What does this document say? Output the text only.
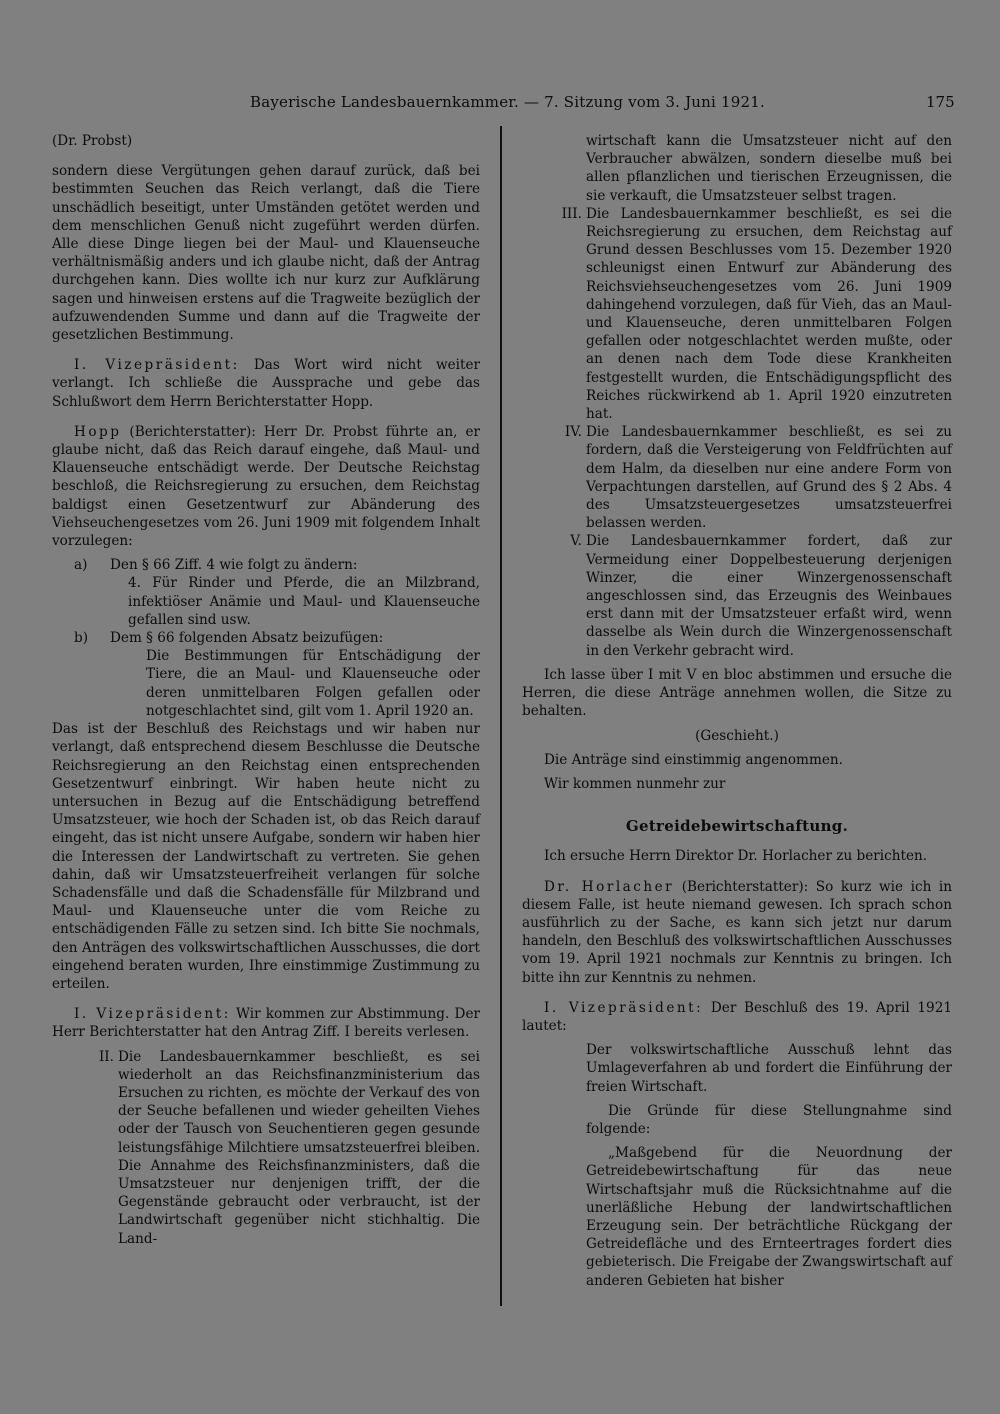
Bayerische Landesbauernkammer. — 7. Sitzung vom 3. Juni 1921.	175

(Dr. Probst)

sondern diese Vergütungen gehen darauf zurück, daß bei bestimmten Seuchen das Reich verlangt, daß die Tiere unschädlich beseitigt, unter Umständen getötet werden und dem menschlichen Genuß nicht zugeführt werden dürfen. Alle diese Dinge liegen bei der Maul- und Klauenseuche verhältnismäßig anders und ich glaube nicht, daß der Antrag durchgehen kann. Dies wollte ich nur kurz zur Aufklärung sagen und hinweisen erstens auf die Tragweite bezüglich der aufzuwendenden Summe und dann auf die Tragweite der gesetzlichen Bestimmung.

I. Vizepräsident: Das Wort wird nicht weiter verlangt. Ich schließe die Aussprache und gebe das Schlußwort dem Herrn Berichterstatter Hopp.

Hopp (Berichterstatter): Herr Dr. Probst führte an, er glaube nicht, daß das Reich darauf eingehe, daß Maul- und Klauenseuche entschädigt werde. Der Deutsche Reichstag beschloß, die Reichsregierung zu ersuchen, dem Reichstag baldigst einen Gesetzentwurf zur Abänderung des Viehseuchengesetzes vom 26. Juni 1909 mit folgendem Inhalt vorzulegen:

a) Den § 66 Ziff. 4 wie folgt zu ändern:

4. Für Rinder und Pferde, die an Milzbrand, infektiöser Anämie und Maul- und Klauenseuche gefallen sind usw.

b) Dem § 66 folgenden Absatz beizufügen:

Die Bestimmungen für Entschädigung der Tiere, die an Maul- und Klauenseuche oder deren unmittelbaren Folgen gefallen oder notgeschlachtet sind, gilt vom 1. April 1920 an.

Das ist der Beschluß des Reichstags und wir haben nur verlangt, daß entsprechend diesem Beschlusse die Deutsche Reichsregierung an den Reichstag einen entsprechenden Gesetzentwurf einbringt. Wir haben heute nicht zu untersuchen in Bezug auf die Entschädigung betreffend Umsatzsteuer, wie hoch der Schaden ist, ob das Reich darauf eingeht, das ist nicht unsere Aufgabe, sondern wir haben hier die Interessen der Landwirtschaft zu vertreten. Sie gehen dahin, daß wir Umsatzsteuerfreiheit verlangen für solche Schadensfälle und daß die Schadensfälle für Milzbrand und Maul- und Klauenseuche unter die vom Reiche zu entschädigenden Fälle zu setzen sind. Ich bitte Sie nochmals, den Anträgen des volkswirtschaftlichen Ausschusses, die dort eingehend beraten wurden, Ihre einstimmige Zustimmung zu erteilen.

I. Vizepräsident: Wir kommen zur Abstimmung. Der Herr Berichterstatter hat den Antrag Ziff. I bereits verlesen.

II. Die Landesbauernkammer beschließt, es sei wiederholt an das Reichsfinanzministerium das Ersuchen zu richten, es möchte der Verkauf des von der Seuche befallenen und wieder geheilten Viehes oder der Tausch von Seuchentieren gegen gesunde leistungsfähige Milchtiere umsatzsteuerfrei bleiben.

Die Annahme des Reichsfinanzministers, daß die Umsatzsteuer nur denjenigen trifft, der die Gegenstände gebraucht oder verbraucht, ist der Landwirtschaft gegenüber nicht stichhaltig. Die Land-

wirtschaft kann die Umsatzsteuer nicht auf den Verbraucher abwälzen, sondern dieselbe muß bei allen pflanzlichen und tierischen Erzeugnissen, die sie verkauft, die Umsatzsteuer selbst tragen.

III. Die Landesbauernkammer beschließt, es sei die Reichsregierung zu ersuchen, dem Reichstag auf Grund dessen Beschlusses vom 15. Dezember 1920 schleunigst einen Entwurf zur Abänderung des Reichsviehseuchengesetzes vom 26. Juni 1909 dahingehend vorzulegen, daß für Vieh, das an Maul- und Klauenseuche, deren unmittelbaren Folgen gefallen oder notgeschlachtet werden mußte, oder an denen nach dem Tode diese Krankheiten festgestellt wurden, die Entschädigungspflicht des Reiches rückwirkend ab 1. April 1920 einzutreten hat.

IV. Die Landesbauernkammer beschließt, es sei zu fordern, daß die Versteigerung von Feldfrüchten auf dem Halm, da dieselben nur eine andere Form von Verpachtungen darstellen, auf Grund des § 2 Abs. 4 des Umsatzsteuergesetzes umsatzsteuerfrei belassen werden.

V. Die Landesbauernkammer fordert, daß zur Vermeidung einer Doppelbesteuerung derjenigen Winzer, die einer Winzergenossenschaft angeschlossen sind, das Erzeugnis des Weinbaues erst dann mit der Umsatzsteuer erfaßt wird, wenn dasselbe als Wein durch die Winzergenossenschaft in den Verkehr gebracht wird.

Ich lasse über I mit V en bloc abstimmen und ersuche die Herren, die diese Anträge annehmen wollen, die Sitze zu behalten.

(Geschieht.)

Die Anträge sind einstimmig angenommen.

Wir kommen nunmehr zur

Getreidebewirtschaftung.

Ich ersuche Herrn Direktor Dr. Horlacher zu berichten.

Dr. Horlacher (Berichterstatter): So kurz wie ich in diesem Falle, ist heute niemand gewesen. Ich sprach schon ausführlich zu der Sache, es kann sich jetzt nur darum handeln, den Beschluß des volkswirtschaftlichen Ausschusses vom 19. April 1921 nochmals zur Kenntnis zu bringen. Ich bitte ihn zur Kenntnis zu nehmen.

I. Vizepräsident: Der Beschluß des 19. April 1921 lautet:

Der volkswirtschaftliche Ausschuß lehnt das Umlageverfahren ab und fordert die Einführung der freien Wirtschaft.

Die Gründe für diese Stellungnahme sind folgende:

„Maßgebend für die Neuordnung der Getreidebewirtschaftung für das neue Wirtschaftsjahr muß die Rücksichtnahme auf die unerläßliche Hebung der landwirtschaftlichen Erzeugung sein. Der beträchtliche Rückgang der Getreidefläche und des Ernteertrages fordert dies gebieterisch. Die Freigabe der Zwangswirtschaft auf anderen Gebieten hat bisher
